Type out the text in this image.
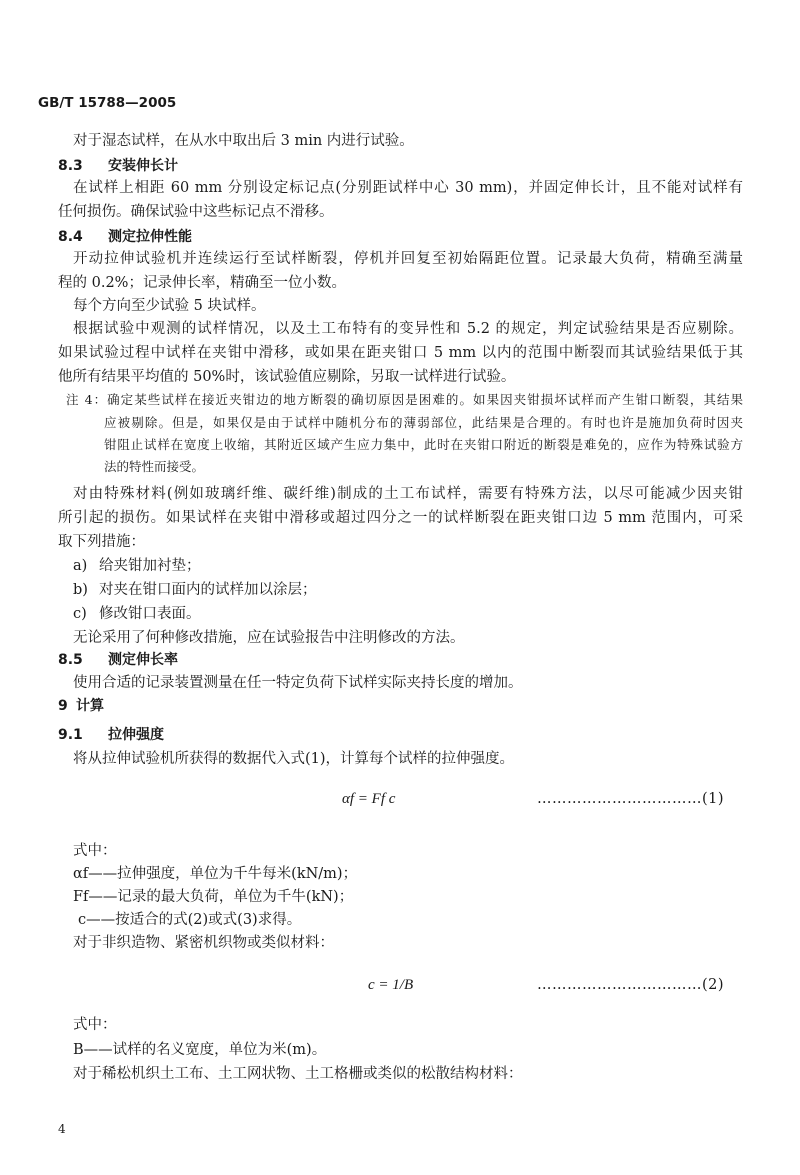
GB/T 15788—2005
对于湿态试样，在从水中取出后 3 min 内进行试验。
8.3 安装伸长计
在试样上相距 60 mm 分别设定标记点(分别距试样中心 30 mm)，并固定伸长计，且不能对试样有
任何损伤。确保试验中这些标记点不滑移。
8.4 测定拉伸性能
开动拉伸试验机并连续运行至试样断裂，停机并回复至初始隔距位置。记录最大负荷，精确至满量
程的 0.2%；记录伸长率，精确至一位小数。
每个方向至少试验 5 块试样。
根据试验中观测的试样情况，以及土工布特有的变异性和 5.2 的规定，判定试验结果是否应剔除。
如果试验过程中试样在夹钳中滑移，或如果在距夹钳口 5 mm 以内的范围中断裂而其试验结果低于其
他所有结果平均值的 50%时，该试验值应剔除，另取一试样进行试验。
注 4：确定某些试样在接近夹钳边的地方断裂的确切原因是困难的。如果因夹钳损坏试样而产生钳口断裂，其结果
应被剔除。但是，如果仅是由于试样中随机分布的薄弱部位，此结果是合理的。有时也许是施加负荷时因夹
钳阻止试样在宽度上收缩，其附近区域产生应力集中，此时在夹钳口附近的断裂是难免的，应作为特殊试验方
法的特性而接受。
对由特殊材料(例如玻璃纤维、碳纤维)制成的土工布试样，需要有特殊方法，以尽可能减少因夹钳
所引起的损伤。如果试样在夹钳中滑移或超过四分之一的试样断裂在距夹钳口边 5 mm 范围内，可采
取下列措施：
a) 给夹钳加衬垫；
b) 对夹在钳口面内的试样加以涂层；
c) 修改钳口表面。
无论采用了何种修改措施，应在试验报告中注明修改的方法。
8.5 测定伸长率
使用合适的记录装置测量在任一特定负荷下试样实际夹持长度的增加。
9 计算
9.1 拉伸强度
将从拉伸试验机所获得的数据代入式(1)，计算每个试样的拉伸强度。
αf = Ff c	……………………………(1)
式中：
αf——拉伸强度，单位为千牛每米(kN/m)；
Ff——记录的最大负荷，单位为千牛(kN)；
c——按适合的式(2)或式(3)求得。
对于非织造物、紧密机织物或类似材料：
c = 1/B	……………………………(2)
式中：
B——试样的名义宽度，单位为米(m)。
对于稀松机织土工布、土工网状物、土工格栅或类似的松散结构材料：
4
